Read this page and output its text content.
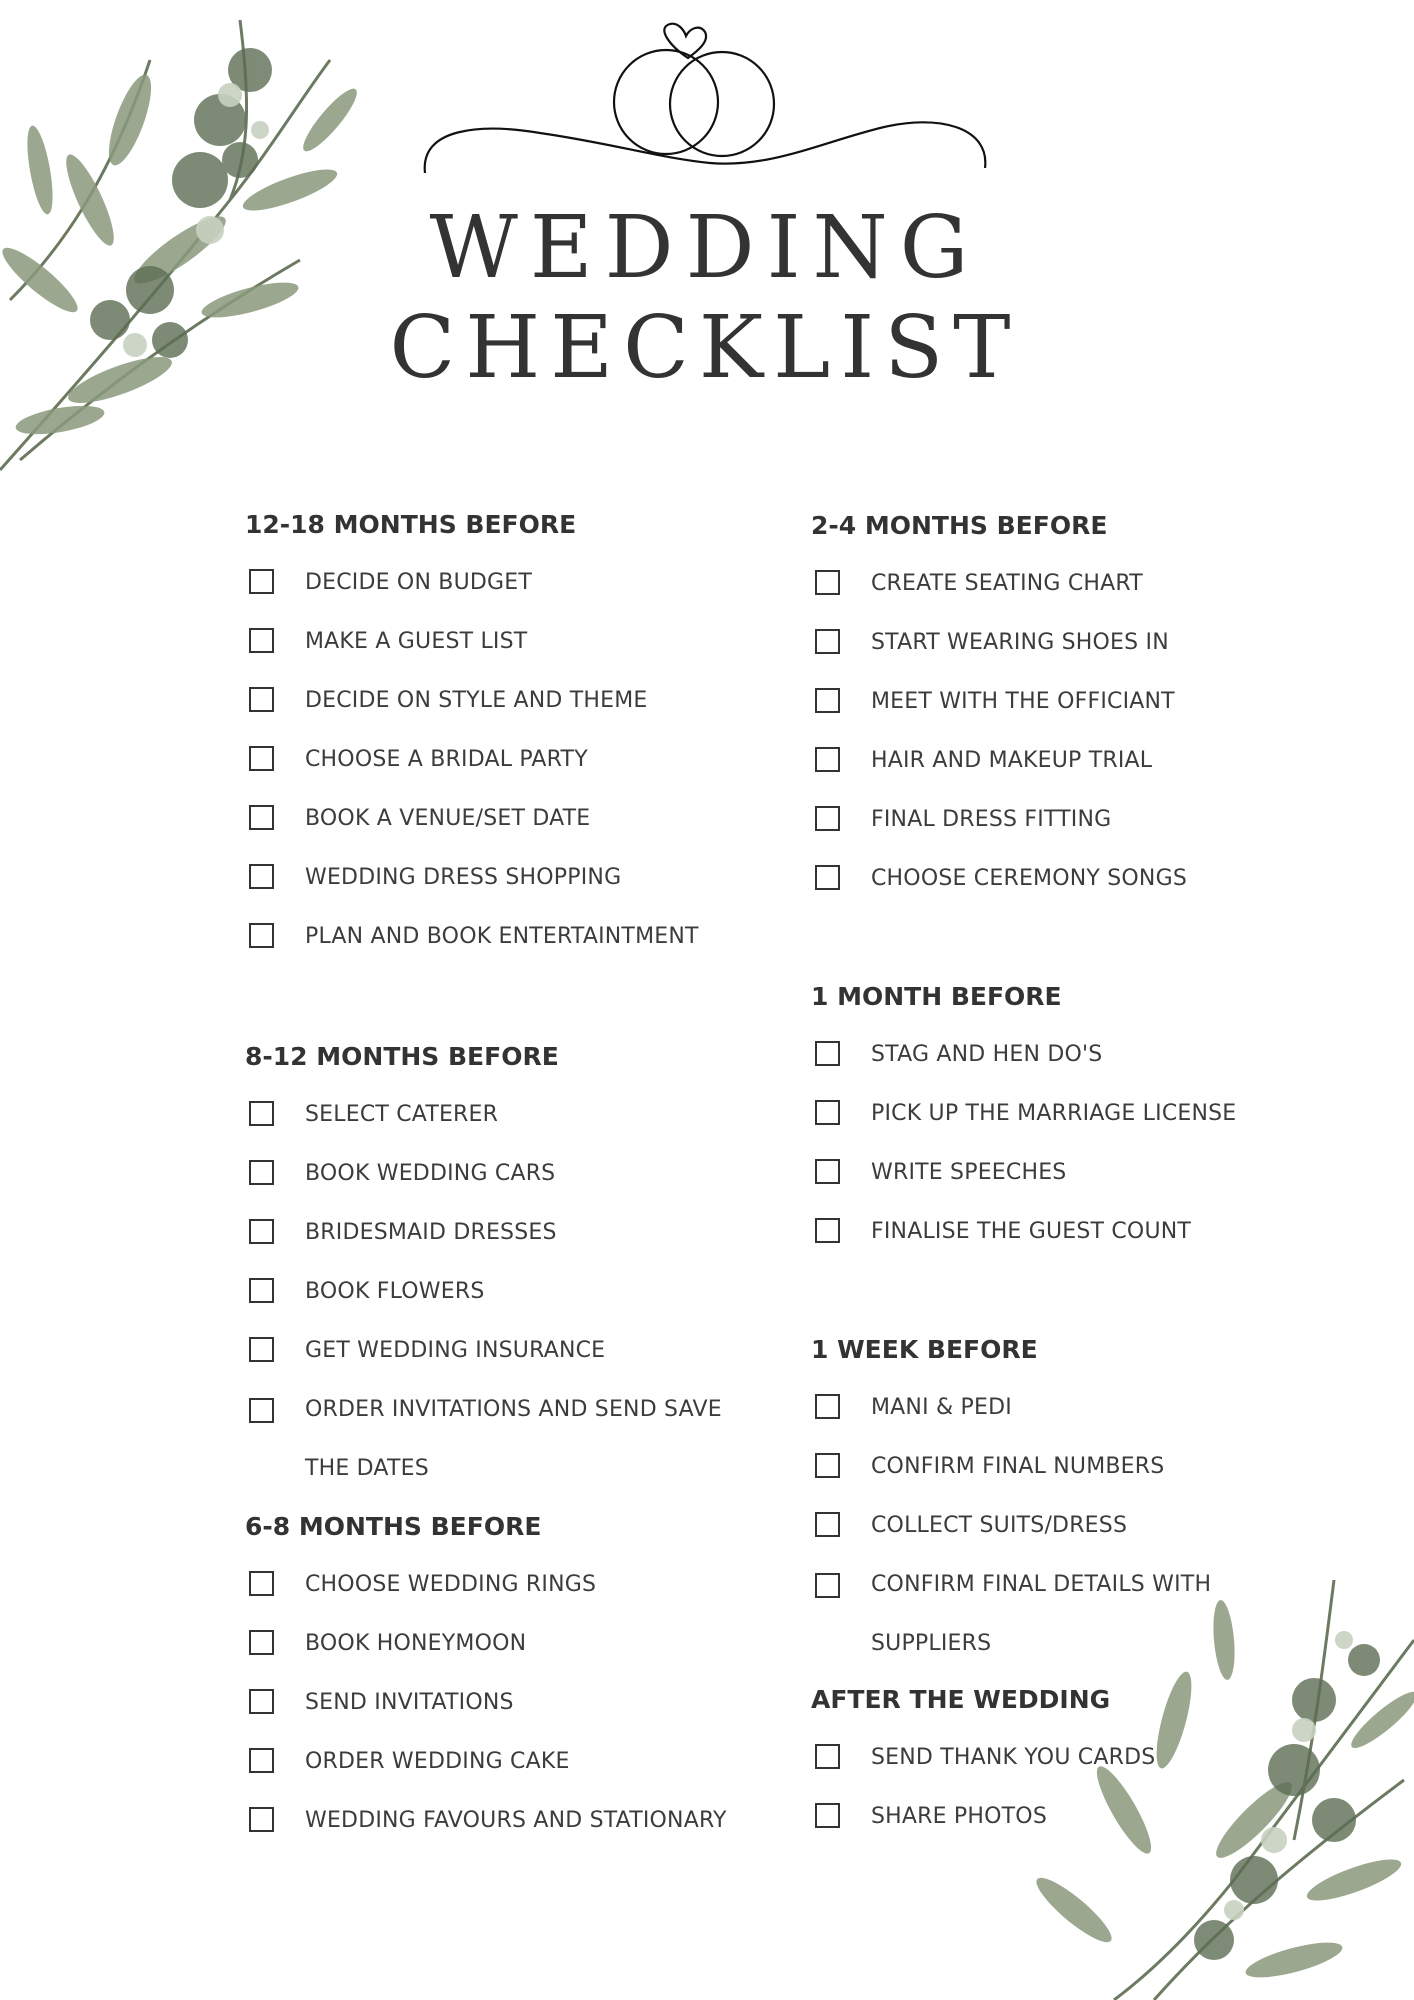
WEDDING
CHECKLIST
12-18 MONTHS BEFORE
DECIDE ON BUDGET
MAKE A GUEST LIST
DECIDE ON STYLE AND THEME
CHOOSE A BRIDAL PARTY
BOOK A VENUE/SET DATE
WEDDING DRESS SHOPPING
PLAN AND BOOK ENTERTAINTMENT
8-12 MONTHS BEFORE
SELECT CATERER
BOOK WEDDING CARS
BRIDESMAID DRESSES
BOOK FLOWERS
GET WEDDING INSURANCE
ORDER INVITATIONS AND SEND SAVE THE DATES
6-8 MONTHS BEFORE
CHOOSE WEDDING RINGS
BOOK HONEYMOON
SEND INVITATIONS
ORDER WEDDING CAKE
WEDDING FAVOURS AND STATIONARY
2-4 MONTHS BEFORE
CREATE SEATING CHART
START WEARING SHOES IN
MEET WITH THE OFFICIANT
HAIR AND MAKEUP TRIAL
FINAL DRESS FITTING
CHOOSE CEREMONY SONGS
1 MONTH BEFORE
STAG AND HEN DO'S
PICK UP THE MARRIAGE LICENSE
WRITE SPEECHES
FINALISE THE GUEST COUNT
1 WEEK BEFORE
MANI & PEDI
CONFIRM FINAL NUMBERS
COLLECT SUITS/DRESS
CONFIRM FINAL DETAILS WITH SUPPLIERS
AFTER THE WEDDING
SEND THANK YOU CARDS
SHARE PHOTOS
